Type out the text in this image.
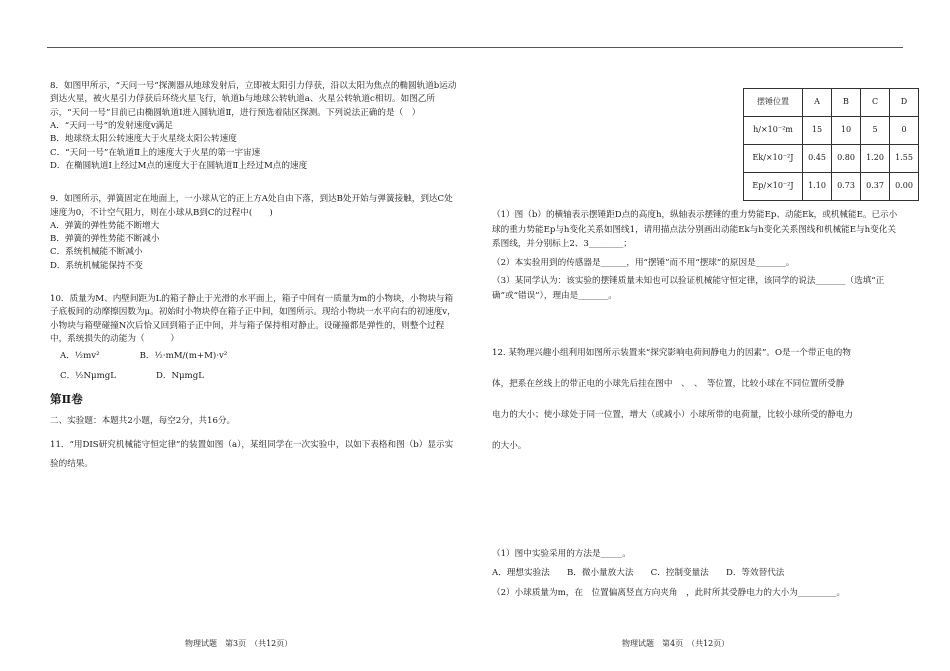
8．如图甲所示，“天问一号”探测器从地球发射后，立即被太阳引力俘获，沿以太阳为焦点的椭圆轨道b运动到达火星，被火星引力俘获后环绕火星飞行，轨道b与地球公转轨道a、火星公转轨道c相切。如图乙所示，“天问一号”目前已由椭圆轨道Ⅰ进入圆轨道Ⅱ，进行预选着陆区探测。下列说法正确的是（　）

A．“天问一号”的发射速度v满足

B．地球绕太阳公转速度大于火星绕太阳公转速度

C．“天问一号”在轨道Ⅱ上的速度大于火星的第一宇宙速

D．在椭圆轨道Ⅰ上经过M点的速度大于在圆轨道Ⅱ上经过M点的速度

9．如图所示，弹簧固定在地面上，一小球从它的正上方A处自由下落，到达B处开始与弹簧接触，到达C处速度为0，不计空气阻力，则在小球从B到C的过程中(　　)

A．弹簧的弹性势能不断增大

B．弹簧的弹性势能不断减小

C．系统机械能不断减小

D．系统机械能保持不变

10．质量为M、内壁间距为L的箱子静止于光滑的水平面上，箱子中间有一质量为m的小物块，小物块与箱子底板间的动摩擦因数为μ。初始时小物块停在箱子正中间，如图所示。现给小物块一水平向右的初速度v，小物块与箱壁碰撞N次后恰又回到箱子正中间，并与箱子保持相对静止。设碰撞都是弹性的，则整个过程中，系统损失的动能为（　　　）

A．½mv²	B．½·mM/(m+M)·v²
C．½NμmgL	D．NμmgL
第Ⅱ卷

二、实验题：本题共2小题，每空2分，共16分。

11．“用DIS研究机械能守恒定律”的装置如图（a），某组同学在一次实验中，以如下表格和图（b）显示实验的结果。

物理试题　第3页　（共12页）
摆锤位置	A	B	C	D
h/×10⁻²m	15	10	5	0
Ek/×10⁻²J	0.45	0.80	1.20	1.55
Ep/×10⁻²J	1.10	0.73	0.37	0.00

（1）图（b）的横轴表示摆锤距D点的高度h，纵轴表示摆锤的重力势能Ep、动能Ek，或机械能E。已示小球的重力势能Ep与h变化关系如图线1，请用描点法分别画出动能Ek与h变化关系图线和机械能E与h变化关系图线，并分别标上2、3________；

（2）本实验用到的传感器是______，用“摆锤”而不用“摆球”的原因是_______。

（3）某同学认为：该实验的摆锤质量未知也可以验证机械能守恒定律，该同学的说法_______（选填“正确”或“错误”），理由是_______。

12. 某物理兴趣小组利用如图所示装置来“探究影响电荷间静电力的因素”。O是一个带正电的物

体，把系在丝线上的带正电的小球先后挂在图中　、　、　等位置，比较小球在不同位置所受静

电力的大小；使小球处于同一位置，增大（或减小）小球所带的电荷量，比较小球所受的静电力

的大小。

（1）图中实验采用的方法是_____。

A．理想实验法　　B．微小量放大法　　C．控制变量法　　D．等效替代法

（2）小球质量为m，在　位置偏离竖直方向夹角　，此时所其受静电力的大小为_________。

物理试题　第4页　（共12页）
